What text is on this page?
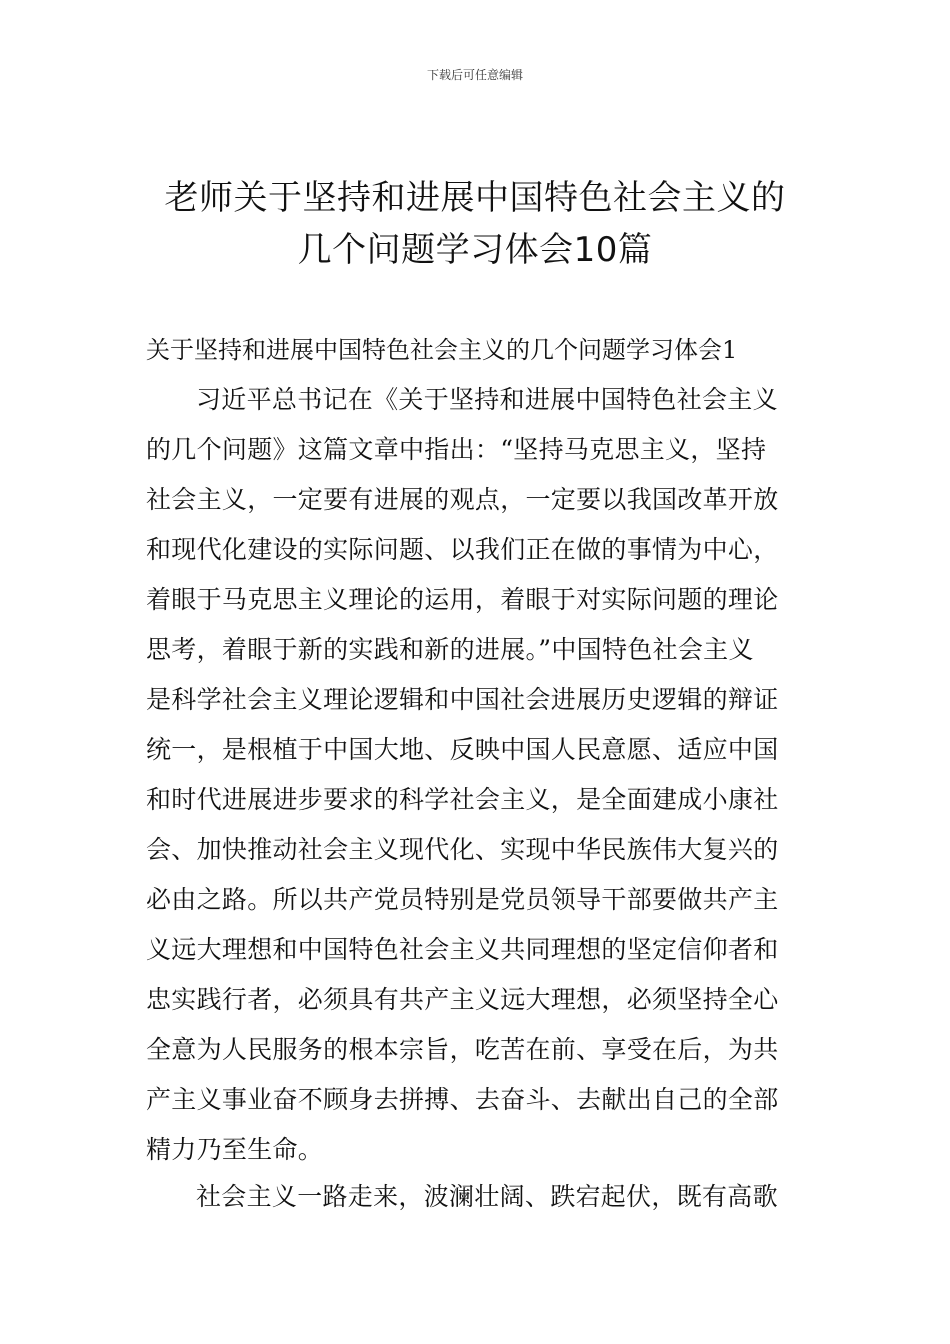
下载后可任意编辑
老师关于坚持和进展中国特色社会主义的
几个问题学习体会10篇
关于坚持和进展中国特色社会主义的几个问题学习体会1
习近平总书记在《关于坚持和进展中国特色社会主义
的几个问题》这篇文章中指出：“坚持马克思主义，坚持
社会主义，一定要有进展的观点，一定要以我国改革开放
和现代化建设的实际问题、以我们正在做的事情为中心，
着眼于马克思主义理论的运用，着眼于对实际问题的理论
思考，着眼于新的实践和新的进展。”中国特色社会主义
是科学社会主义理论逻辑和中国社会进展历史逻辑的辩证
统一，是根植于中国大地、反映中国人民意愿、适应中国
和时代进展进步要求的科学社会主义，是全面建成小康社
会、加快推动社会主义现代化、实现中华民族伟大复兴的
必由之路。所以共产党员特别是党员领导干部要做共产主
义远大理想和中国特色社会主义共同理想的坚定信仰者和
忠实践行者，必须具有共产主义远大理想，必须坚持全心
全意为人民服务的根本宗旨，吃苦在前、享受在后，为共
产主义事业奋不顾身去拼搏、去奋斗、去献出自己的全部
精力乃至生命。
社会主义一路走来，波澜壮阔、跌宕起伏，既有高歌
